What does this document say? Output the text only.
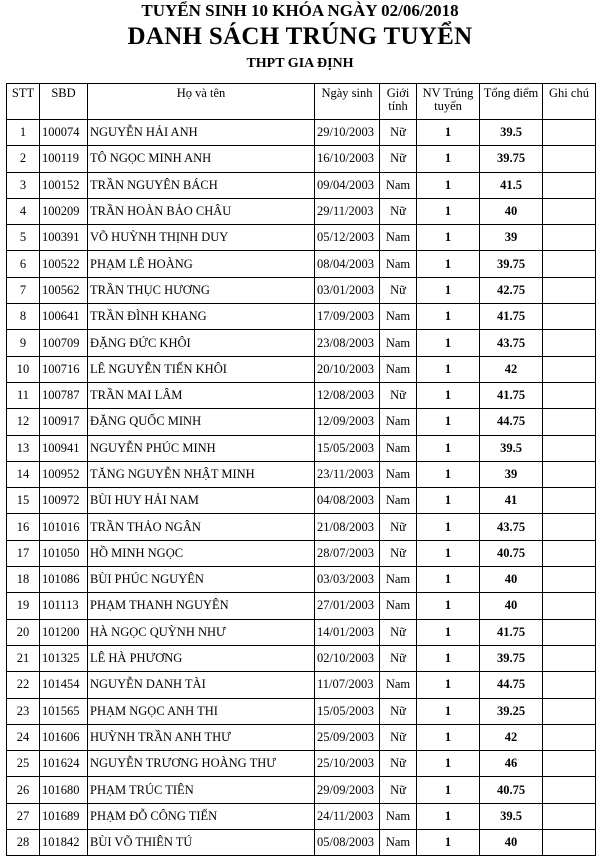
TUYỂN SINH 10 KHÓA NGÀY 02/06/2018
DANH SÁCH TRÚNG TUYỂN
THPT GIA ĐỊNH
STT	SBD	Họ và tên	Ngày sinh	Giới tính	NV Trúng tuyển	Tổng điểm	Ghi chú
1	100074	NGUYỄN HẢI ANH	29/10/2003	Nữ	1	39.5	
2	100119	TÔ NGỌC MINH ANH	16/10/2003	Nữ	1	39.75	
3	100152	TRẦN NGUYÊN BÁCH	09/04/2003	Nam	1	41.5	
4	100209	TRẦN HOÀN BẢO CHÂU	29/11/2003	Nữ	1	40	
5	100391	VÕ HUỲNH THỊNH DUY	05/12/2003	Nam	1	39	
6	100522	PHẠM LÊ HOÀNG	08/04/2003	Nam	1	39.75	
7	100562	TRẦN THỤC HƯƠNG	03/01/2003	Nữ	1	42.75	
8	100641	TRẦN ĐÌNH KHANG	17/09/2003	Nam	1	41.75	
9	100709	ĐẶNG ĐỨC KHÔI	23/08/2003	Nam	1	43.75	
10	100716	LÊ NGUYỄN TIẾN KHÔI	20/10/2003	Nam	1	42	
11	100787	TRẦN MAI LÂM	12/08/2003	Nữ	1	41.75	
12	100917	ĐẶNG QUỐC MINH	12/09/2003	Nam	1	44.75	
13	100941	NGUYỄN PHÚC MINH	15/05/2003	Nam	1	39.5	
14	100952	TĂNG NGUYỄN NHẬT MINH	23/11/2003	Nam	1	39	
15	100972	BÙI HUY HẢI NAM	04/08/2003	Nam	1	41	
16	101016	TRẦN THẢO NGÂN	21/08/2003	Nữ	1	43.75	
17	101050	HỒ MINH NGỌC	28/07/2003	Nữ	1	40.75	
18	101086	BÙI PHÚC NGUYÊN	03/03/2003	Nam	1	40	
19	101113	PHẠM THANH NGUYÊN	27/01/2003	Nam	1	40	
20	101200	HÀ NGỌC QUỲNH NHƯ	14/01/2003	Nữ	1	41.75	
21	101325	LÊ HÀ PHƯƠNG	02/10/2003	Nữ	1	39.75	
22	101454	NGUYỄN DANH TÀI	11/07/2003	Nam	1	44.75	
23	101565	PHẠM NGỌC ANH THI	15/05/2003	Nữ	1	39.25	
24	101606	HUỲNH TRẦN ANH THƯ	25/09/2003	Nữ	1	42	
25	101624	NGUYỄN TRƯƠNG HOÀNG THƯ	25/10/2003	Nữ	1	46	
26	101680	PHẠM TRÚC TIÊN	29/09/2003	Nữ	1	40.75	
27	101689	PHẠM ĐỖ CÔNG TIẾN	24/11/2003	Nam	1	39.5	
28	101842	BÙI VÕ THIÊN TÚ	05/08/2003	Nam	1	40	
